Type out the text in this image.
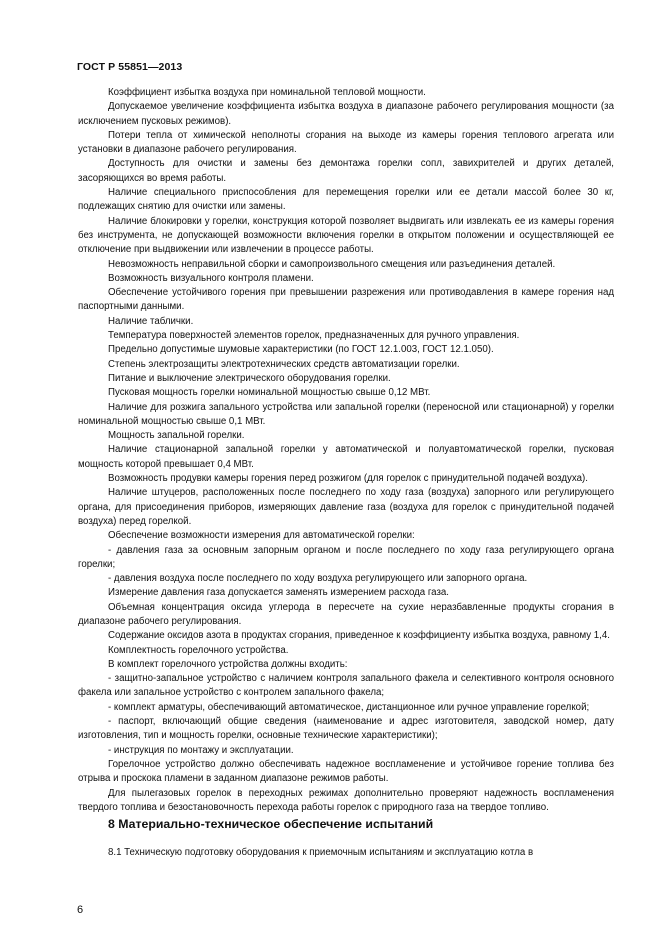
ГОСТ Р 55851—2013

Коэффициент избытка воздуха при номинальной тепловой мощности.

Допускаемое увеличение коэффициента избытка воздуха в диапазоне рабочего регулирования мощности (за исключением пусковых режимов).

Потери тепла от химической неполноты сгорания на выходе из камеры горения теплового агрегата или установки в диапазоне рабочего регулирования.

Доступность для очистки и замены без демонтажа горелки сопл, завихрителей и других деталей, засоряющихся во время работы.

Наличие специального приспособления для перемещения горелки или ее детали массой более 30 кг, подлежащих снятию для очистки или замены.

Наличие блокировки у горелки, конструкция которой позволяет выдвигать или извлекать ее из камеры горения без инструмента, не допускающей возможности включения горелки в открытом положении и осуществляющей ее отключение при выдвижении или извлечении в процессе работы.

Невозможность неправильной сборки и самопроизвольного смещения или разъединения деталей.

Возможность визуального контроля пламени.

Обеспечение устойчивого горения при превышении разрежения или противодавления в камере горения над паспортными данными.

Наличие таблички.

Температура поверхностей элементов горелок, предназначенных для ручного управления.

Предельно допустимые шумовые характеристики (по ГОСТ 12.1.003, ГОСТ 12.1.050).

Степень электрозащиты электротехнических средств автоматизации горелки.

Питание и выключение электрического оборудования горелки.

Пусковая мощность горелки номинальной мощностью свыше 0,12 МВт.

Наличие для розжига запального устройства или запальной горелки (переносной или стационарной) у горелки номинальной мощностью свыше 0,1 МВт.

Мощность запальной горелки.

Наличие стационарной запальной горелки у автоматической и полуавтоматической горелки, пусковая мощность которой превышает 0,4 МВт.

Возможность продувки камеры горения перед розжигом (для горелок с принудительной подачей воздуха).

Наличие штуцеров, расположенных после последнего по ходу газа (воздуха) запорного или регулирующего органа, для присоединения приборов, измеряющих давление газа (воздуха для горелок с принудительной подачей воздуха) перед горелкой.

Обеспечение возможности измерения для автоматической горелки:

- давления газа за основным запорным органом и после последнего по ходу газа регулирующего органа горелки;

- давления воздуха после последнего по ходу воздуха регулирующего или запорного органа.

Измерение давления газа допускается заменять измерением расхода газа.

Объемная концентрация оксида углерода в пересчете на сухие неразбавленные продукты сгорания в диапазоне рабочего регулирования.

Содержание оксидов азота в продуктах сгорания, приведенное к коэффициенту избытка воздуха, равному 1,4.

Комплектность горелочного устройства.

В комплект горелочного устройства должны входить:

- защитно-запальное устройство с наличием контроля запального факела и селективного контроля основного факела или запальное устройство с контролем запального факела;

- комплект арматуры, обеспечивающий автоматическое, дистанционное или ручное управление горелкой;

- паспорт, включающий общие сведения (наименование и адрес изготовителя, заводской номер, дату изготовления, тип и мощность горелки, основные технические характеристики);

- инструкция по монтажу и эксплуатации.

Горелочное устройство должно обеспечивать надежное воспламенение и устойчивое горение топлива без отрыва и проскока пламени в заданном диапазоне режимов работы.

Для пылегазовых горелок в переходных режимах дополнительно проверяют надежность воспламенения твердого топлива и безостановочность перехода работы горелок с природного газа на твердое топливо.

8 Материально-техническое обеспечение испытаний

8.1 Техническую подготовку оборудования к приемочным испытаниям и эксплуатацию котла в

6
